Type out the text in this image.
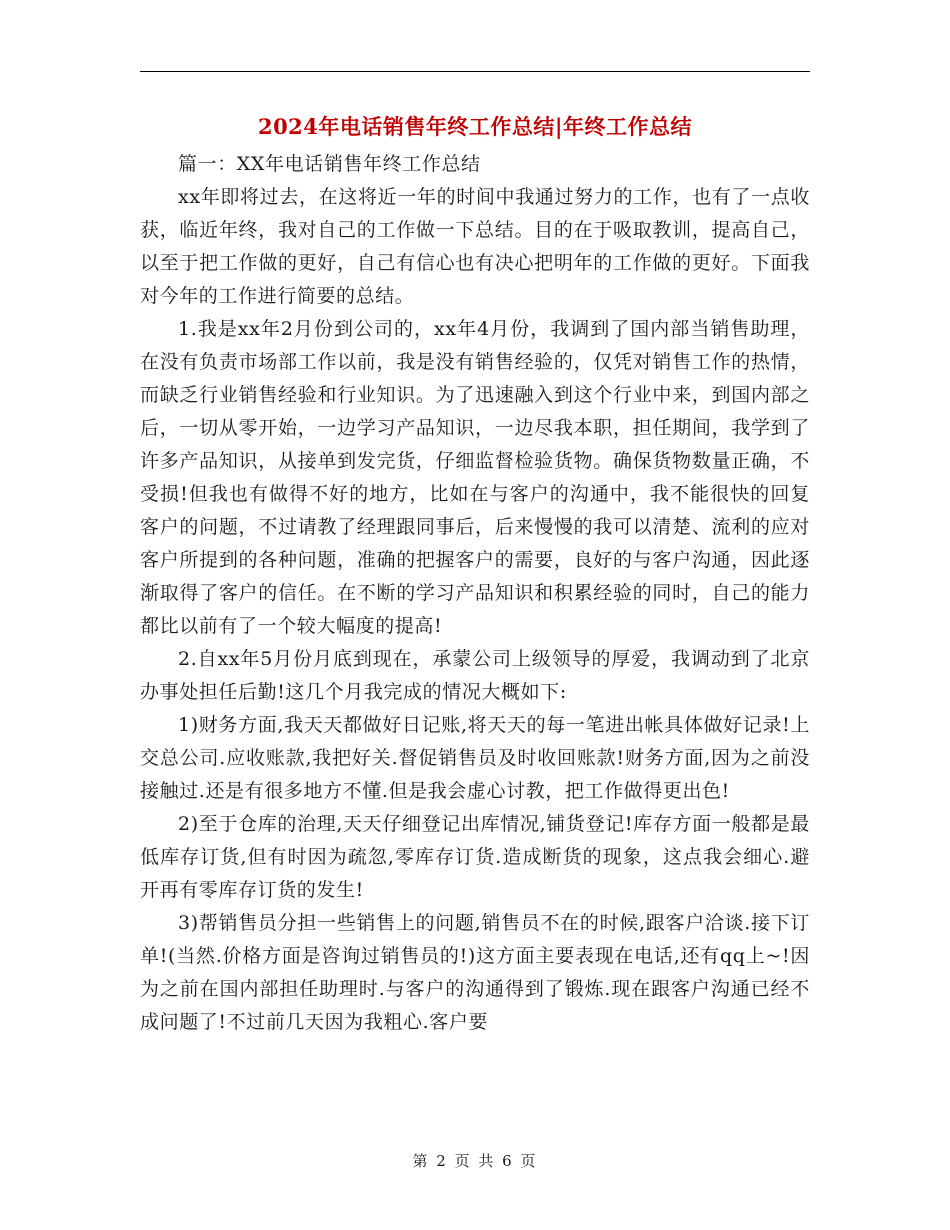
2024年电话销售年终工作总结|年终工作总结

篇一：XX年电话销售年终工作总结

xx年即将过去，在这将近一年的时间中我通过努力的工作，也有了一点收获，临近年终，我对自己的工作做一下总结。目的在于吸取教训，提高自己，以至于把工作做的更好，自己有信心也有决心把明年的工作做的更好。下面我对今年的工作进行简要的总结。

1.我是xx年2月份到公司的，xx年4月份，我调到了国内部当销售助理，在没有负责市场部工作以前，我是没有销售经验的，仅凭对销售工作的热情，而缺乏行业销售经验和行业知识。为了迅速融入到这个行业中来，到国内部之后，一切从零开始，一边学习产品知识，一边尽我本职，担任期间，我学到了许多产品知识，从接单到发完货，仔细监督检验货物。确保货物数量正确，不受损!但我也有做得不好的地方，比如在与客户的沟通中，我不能很快的回复客户的问题，不过请教了经理跟同事后，后来慢慢的我可以清楚、流利的应对客户所提到的各种问题，准确的把握客户的需要，良好的与客户沟通，因此逐渐取得了客户的信任。在不断的学习产品知识和积累经验的同时，自己的能力都比以前有了一个较大幅度的提高!

2.自xx年5月份月底到现在，承蒙公司上级领导的厚爱，我调动到了北京办事处担任后勤!这几个月我完成的情况大概如下:

1)财务方面,我天天都做好日记账,将天天的每一笔进出帐具体做好记录!上交总公司.应收账款,我把好关.督促销售员及时收回账款!财务方面,因为之前没接触过.还是有很多地方不懂.但是我会虚心讨教，把工作做得更出色!

2)至于仓库的治理,天天仔细登记出库情况,铺货登记!库存方面一般都是最低库存订货,但有时因为疏忽,零库存订货.造成断货的现象，这点我会细心.避开再有零库存订货的发生!

3)帮销售员分担一些销售上的问题,销售员不在的时候,跟客户洽谈.接下订单!(当然.价格方面是咨询过销售员的!)这方面主要表现在电话,还有qq上~!因为之前在国内部担任助理时.与客户的沟通得到了锻炼.现在跟客户沟通已经不成问题了!不过前几天因为我粗心.客户要

第 2 页 共 6 页
